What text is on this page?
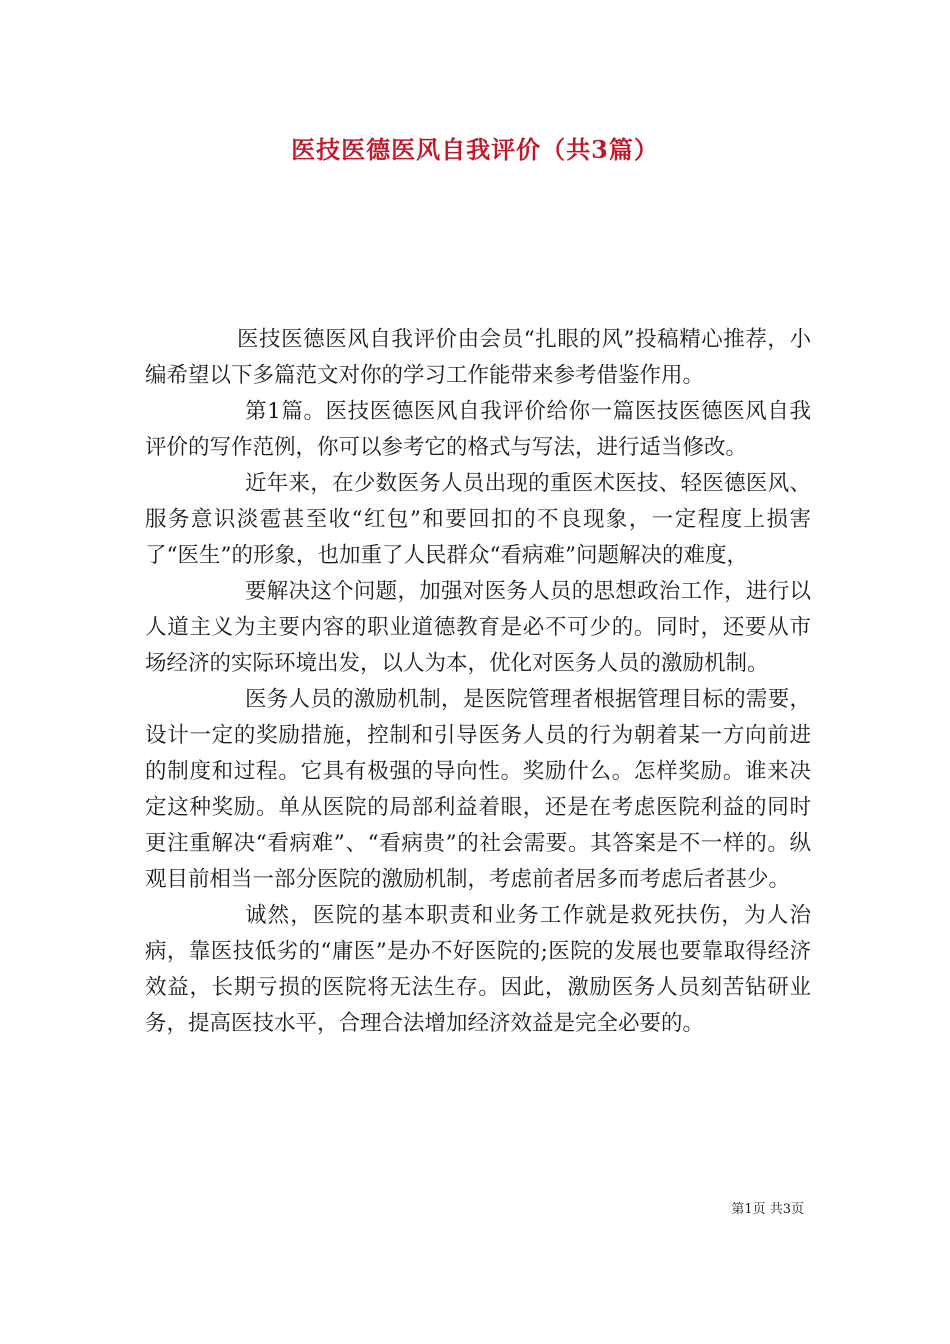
医技医德医风自我评价（共3篇）

医技医德医风自我评价由会员“扎眼的风”投稿精心推荐，小编希望以下多篇范文对你的学习工作能带来参考借鉴作用。

第1篇。医技医德医风自我评价给你一篇医技医德医风自我评价的写作范例，你可以参考它的格式与写法，进行适当修改。

近年来，在少数医务人员出现的重医术医技、轻医德医风、服务意识淡雹甚至收“红包”和要回扣的不良现象，一定程度上损害了“医生”的形象，也加重了人民群众“看病难”问题解决的难度，

要解决这个问题，加强对医务人员的思想政治工作，进行以人道主义为主要内容的职业道德教育是必不可少的。同时，还要从市场经济的实际环境出发，以人为本，优化对医务人员的激励机制。

医务人员的激励机制，是医院管理者根据管理目标的需要，设计一定的奖励措施，控制和引导医务人员的行为朝着某一方向前进的制度和过程。它具有极强的导向性。奖励什么。怎样奖励。谁来决定这种奖励。单从医院的局部利益着眼，还是在考虑医院利益的同时更注重解决“看病难”、“看病贵”的社会需要。其答案是不一样的。纵观目前相当一部分医院的激励机制，考虑前者居多而考虑后者甚少。

诚然，医院的基本职责和业务工作就是救死扶伤，为人治病，靠医技低劣的“庸医”是办不好医院的;医院的发展也要靠取得经济效益，长期亏损的医院将无法生存。因此，激励医务人员刻苦钻研业务，提高医技水平，合理合法增加经济效益是完全必要的。

第1页 共3页
